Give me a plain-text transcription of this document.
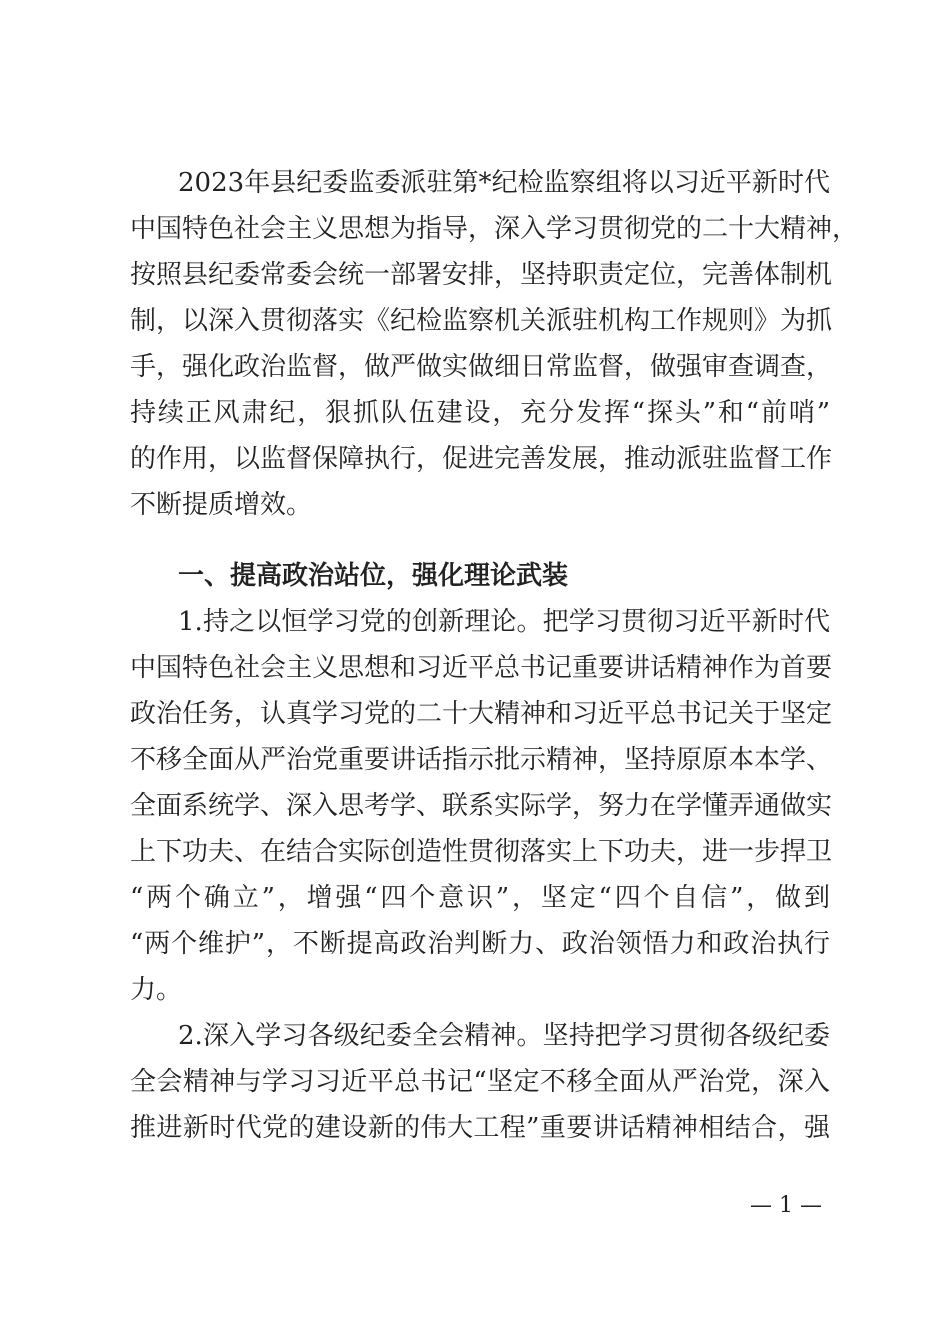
2023年县纪委监委派驻第*纪检监察组将以习近平新时代
中国特色社会主义思想为指导，深入学习贯彻党的二十大精神，
按照县纪委常委会统一部署安排，坚持职责定位，完善体制机
制，以深入贯彻落实《纪检监察机关派驻机构工作规则》为抓
手，强化政治监督，做严做实做细日常监督，做强审查调查，
持续正风肃纪，狠抓队伍建设，充分发挥“探头”和“前哨”
的作用，以监督保障执行，促进完善发展，推动派驻监督工作
不断提质增效。
一、提高政治站位，强化理论武装
1.持之以恒学习党的创新理论。把学习贯彻习近平新时代
中国特色社会主义思想和习近平总书记重要讲话精神作为首要
政治任务，认真学习党的二十大精神和习近平总书记关于坚定
不移全面从严治党重要讲话指示批示精神，坚持原原本本学、
全面系统学、深入思考学、联系实际学，努力在学懂弄通做实
上下功夫、在结合实际创造性贯彻落实上下功夫，进一步捍卫
“两个确立”，增强“四个意识”，坚定“四个自信”，做到
“两个维护”，不断提高政治判断力、政治领悟力和政治执行
力。
2.深入学习各级纪委全会精神。坚持把学习贯彻各级纪委
全会精神与学习习近平总书记“坚定不移全面从严治党，深入
推进新时代党的建设新的伟大工程”重要讲话精神相结合，强
— 1 —
